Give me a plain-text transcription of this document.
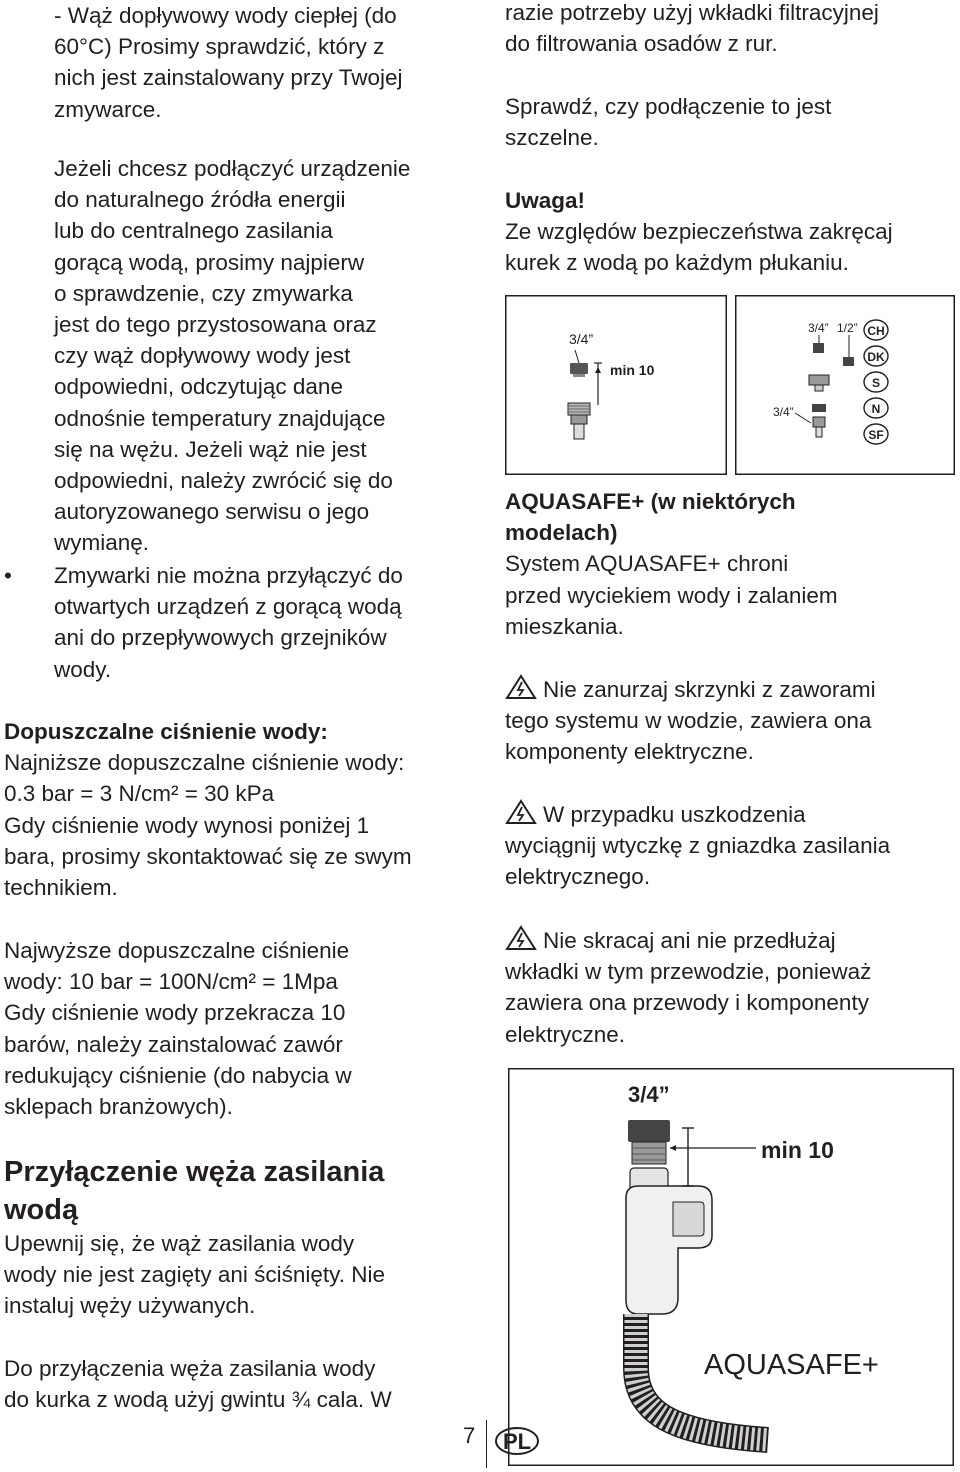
- Wąż dopływowy wody ciepłej (do

60°C) Prosimy sprawdzić, który z

nich jest zainstalowany przy Twojej

zmywarce.

Jeżeli chcesz podłączyć urządzenie

do naturalnego źródła energii

lub do centralnego zasilania

gorącą wodą, prosimy najpierw

o sprawdzenie, czy zmywarka

jest do tego przystosowana oraz

czy wąż dopływowy wody jest

odpowiedni, odczytując dane

odnośnie temperatury znajdujące

się na wężu. Jeżeli wąż nie jest

odpowiedni, należy zwrócić się do

autoryzowanego serwisu o jego

wymianę.

•	Zmywarki nie można przyłączyć do

otwartych urządzeń z gorącą wodą

ani do przepływowych grzejników

wody.

Dopuszczalne ciśnienie wody:

Najniższe dopuszczalne ciśnienie wody:

0.3 bar = 3 N/cm² = 30 kPa

Gdy ciśnienie wody wynosi poniżej 1

bara, prosimy skontaktować się ze swym

technikiem.

Najwyższe dopuszczalne ciśnienie

wody: 10 bar = 100N/cm² = 1Mpa

Gdy ciśnienie wody przekracza 10

barów, należy zainstalować zawór

redukujący ciśnienie (do nabycia w

sklepach branżowych).

Przyłączenie węża zasilania

wodą

Upewnij się, że wąż zasilania wody

wody nie jest zagięty ani ściśnięty. Nie

instaluj węży używanych.

Do przyłączenia węża zasilania wody

do kurka z wodą użyj gwintu ¾ cala. W

razie potrzeby użyj wkładki filtracyjnej

do filtrowania osadów z rur.

Sprawdź, czy podłączenie to jest

szczelne.

Uwaga!

Ze względów bezpieczeństwa zakręcaj

kurek z wodą po każdym płukaniu.

3/4”
min 10
3/4” 1/2”
3/4”
CH
DK
S
N
SF

AQUASAFE+ (w niektórych

modelach)

System AQUASAFE+ chroni

przed wyciekiem wody i zalaniem

mieszkania.

Nie zanurzaj skrzynki z zaworami

tego systemu w wodzie, zawiera ona

komponenty elektryczne.

W przypadku uszkodzenia

wyciągnij wtyczkę z gniazdka zasilania

elektrycznego.

Nie skracaj ani nie przedłużaj

wkładki w tym przewodzie, ponieważ

zawiera ona przewody i komponenty

elektryczne.

3/4”
min 10
AQUASAFE+
7 PL
